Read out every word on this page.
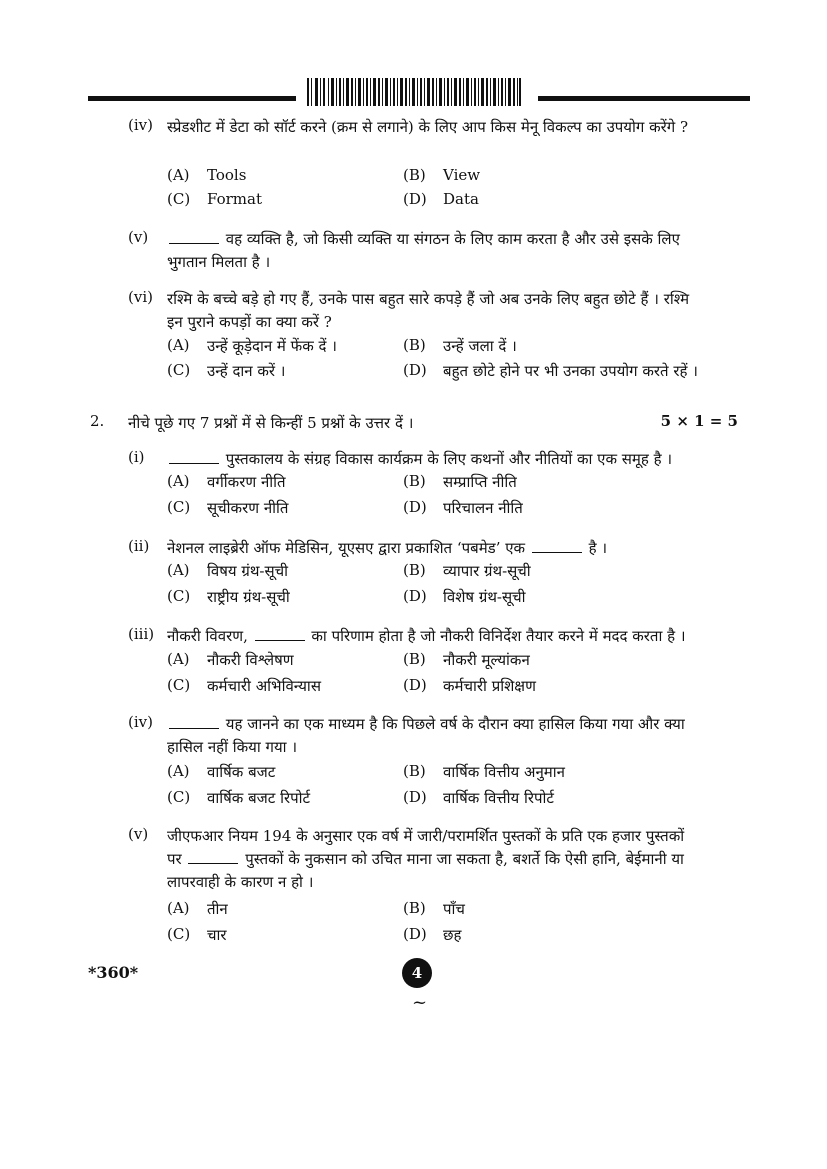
(iv) स्प्रेडशीट में डेटा को सॉर्ट करने (क्रम से लगाने) के लिए आप किस मेनू विकल्प का उपयोग करेंगे ?
(A) Tools	(B) View
(C) Format	(D) Data
(v)	वह व्यक्ति है, जो किसी व्यक्ति या संगठन के लिए काम करता है और उसे इसके लिए भुगतान मिलता है ।
(vi) रश्मि के बच्चे बड़े हो गए हैं, उनके पास बहुत सारे कपड़े हैं जो अब उनके लिए बहुत छोटे हैं । रश्मि इन पुराने कपड़ों का क्या करें ?
(A) उन्हें कूड़ेदान में फेंक दें ।	(B) उन्हें जला दें ।
(C) उन्हें दान करें ।	(D) बहुत छोटे होने पर भी उनका उपयोग करते रहें ।
2. नीचे पूछे गए 7 प्रश्नों में से किन्हीं 5 प्रश्नों के उत्तर दें ।	5 × 1 = 5
(i)	पुस्तकालय के संग्रह विकास कार्यक्रम के लिए कथनों और नीतियों का एक समूह है ।
(A) वर्गीकरण नीति	(B) सम्प्राप्ति नीति
(C) सूचीकरण नीति	(D) परिचालन नीति
(ii) नेशनल लाइब्रेरी ऑफ मेडिसिन, यूएसए द्वारा प्रकाशित ‘पबमेड’ एक	है ।
(A) विषय ग्रंथ-सूची	(B) व्यापार ग्रंथ-सूची
(C) राष्ट्रीय ग्रंथ-सूची	(D) विशेष ग्रंथ-सूची
(iii) नौकरी विवरण,	का परिणाम होता है जो नौकरी विनिर्देश तैयार करने में मदद करता है ।
(A) नौकरी विश्लेषण	(B) नौकरी मूल्यांकन
(C) कर्मचारी अभिविन्यास	(D) कर्मचारी प्रशिक्षण
(iv)	यह जानने का एक माध्यम है कि पिछले वर्ष के दौरान क्या हासिल किया गया और क्या हासिल नहीं किया गया ।
(A) वार्षिक बजट	(B) वार्षिक वित्तीय अनुमान
(C) वार्षिक बजट रिपोर्ट	(D) वार्षिक वित्तीय रिपोर्ट
(v) जीएफआर नियम 194 के अनुसार एक वर्ष में जारी/परामर्शित पुस्तकों के प्रति एक हजार पुस्तकों पर	पुस्तकों के नुकसान को उचित माना जा सकता है, बशर्ते कि ऐसी हानि, बेईमानी या लापरवाही के कारण न हो ।
(A) तीन	(B) पाँच
(C) चार	(D) छह
*360*	4
~
